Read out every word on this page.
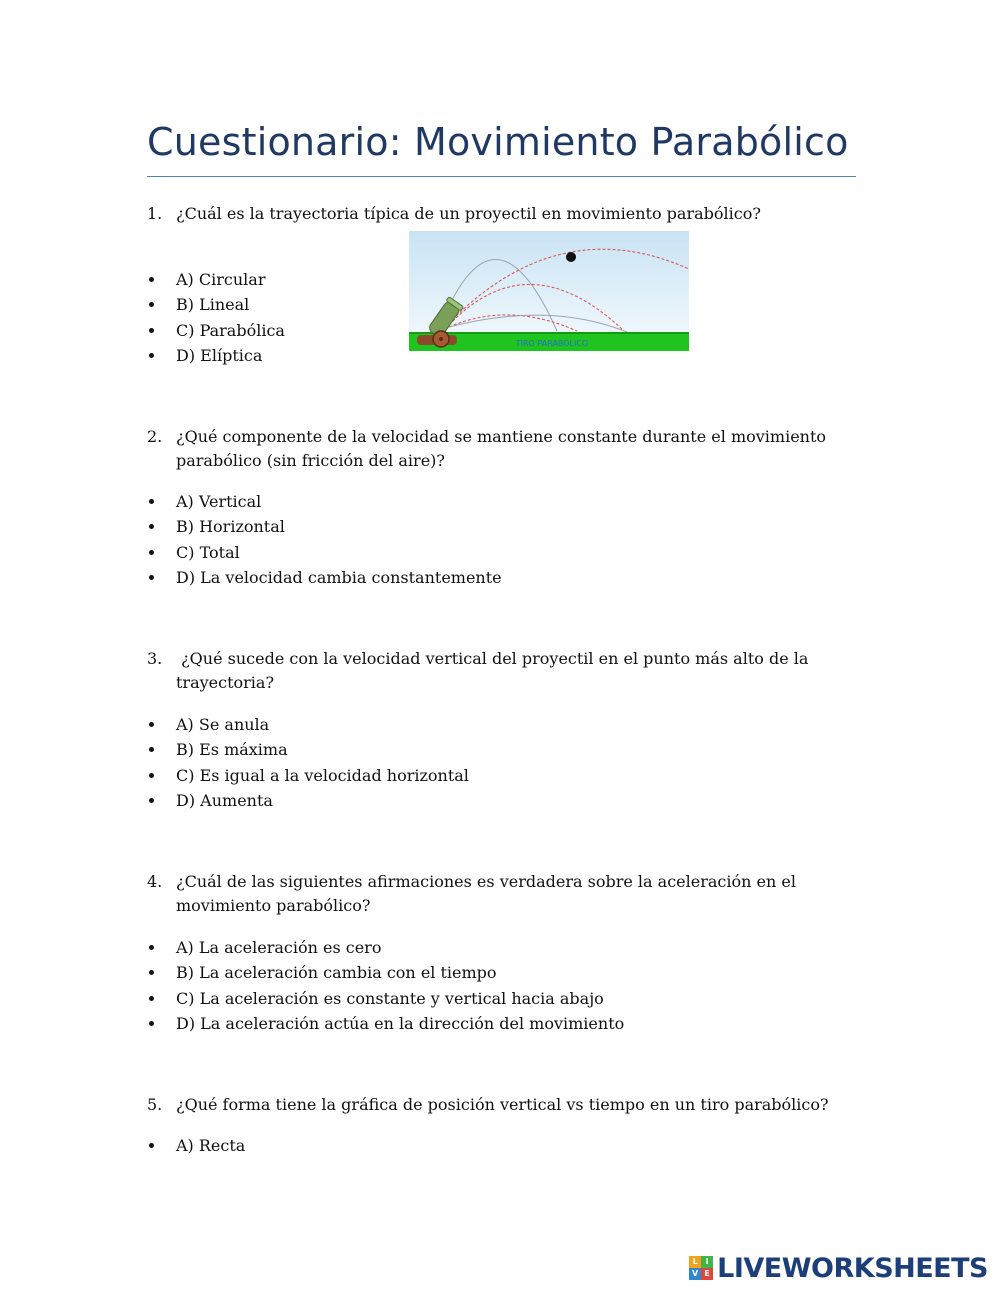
Cuestionario: Movimiento Parabólico
1. ¿Cuál es la trayectoria típica de un proyectil en movimiento parabólico?
A) Circular
B) Lineal
C) Parabólica
D) Elíptica
TIRO PARABÓLICO
2. ¿Qué componente de la velocidad se mantiene constante durante el movimiento parabólico (sin fricción del aire)?
A) Vertical
B) Horizontal
C) Total
D) La velocidad cambia constantemente
3. ¿Qué sucede con la velocidad vertical del proyectil en el punto más alto de la trayectoria?
A) Se anula
B) Es máxima
C) Es igual a la velocidad horizontal
D) Aumenta
4. ¿Cuál de las siguientes afirmaciones es verdadera sobre la aceleración en el movimiento parabólico?
A) La aceleración es cero
B) La aceleración cambia con el tiempo
C) La aceleración es constante y vertical hacia abajo
D) La aceleración actúa en la dirección del movimiento
5. ¿Qué forma tiene la gráfica de posición vertical vs tiempo en un tiro parabólico?
A) Recta
L I
V E LIVEWORKSHEETS
